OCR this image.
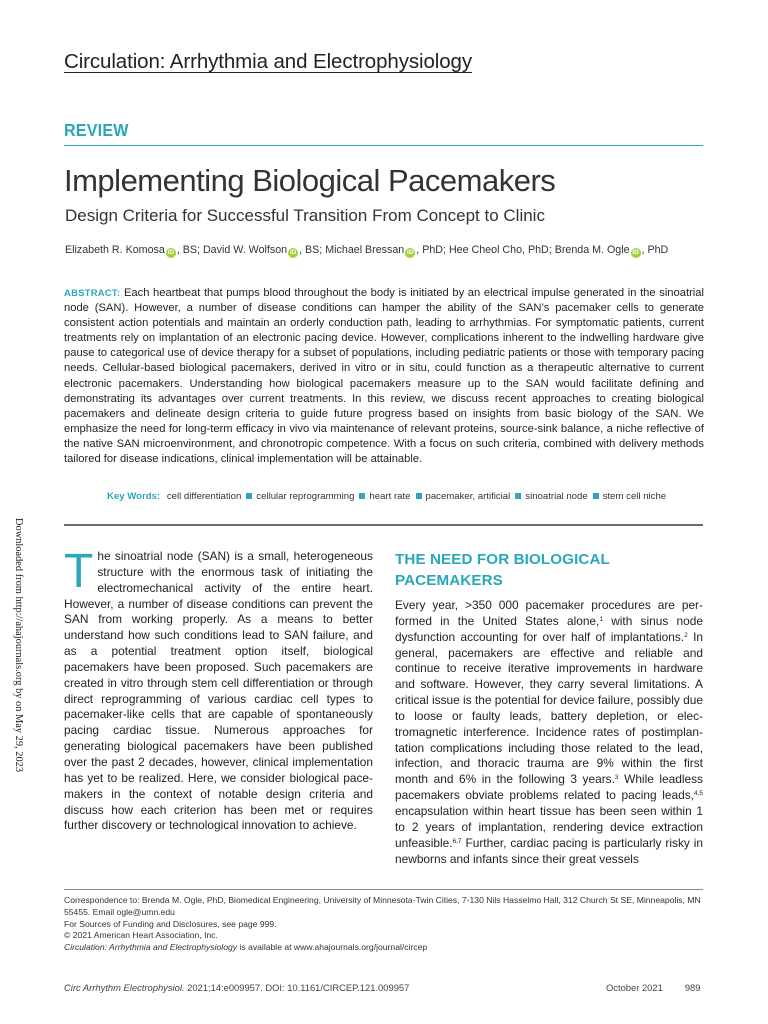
Circulation: Arrhythmia and Electrophysiology
REVIEW
Implementing Biological Pacemakers
Design Criteria for Successful Transition From Concept to Clinic
Elizabeth R. Komosa iD , BS; David W. Wolfson iD , BS; Michael Bressan iD , PhD; Hee Cheol Cho, PhD; Brenda M. Ogle iD , PhD
ABSTRACT: Each heartbeat that pumps blood throughout the body is initiated by an electrical impulse generated in the sinoatrial node (SAN). However, a number of disease conditions can hamper the ability of the SAN’s pacemaker cells to generate consistent action potentials and maintain an orderly conduction path, leading to arrhythmias. For symptomatic patients, current treatments rely on implantation of an electronic pacing device. However, complications inherent to the indwelling hardware give pause to categorical use of device therapy for a subset of populations, including pediatric patients or those with temporary pacing needs. Cellular-based biological pacemakers, derived in vitro or in situ, could function as a therapeutic alternative to current electronic pacemakers. Understanding how biological pacemakers measure up to the SAN would facilitate defining and demonstrating its advantages over current treatments. In this review, we discuss recent approaches to creating biological pacemakers and delineate design criteria to guide future progress based on insights from basic biology of the SAN. We emphasize the need for long-term efficacy in vivo via maintenance of relevant proteins, source-sink balance, a niche reflective of the native SAN microenvironment, and chronotropic competence. With a focus on such criteria, combined with delivery methods tailored for disease indications, clinical implementation will be attainable.
Key Words: cell differentiation cellular reprogramming heart rate pacemaker, artificial sinoatrial node stem cell niche
Downloaded from http://ahajournals.org by on May 29, 2023 The sinoatrial node (SAN) is a small, heterogeneous structure with the enormous task of initiating the electromechanical activity of the entire heart. However, a number of disease conditions can prevent the SAN from working properly. As a means to better understand how such conditions lead to SAN failure, and as a potential treatment option itself, biological pacemakers have been proposed. Such pacemakers are created in vitro through stem cell differentiation or through direct reprogramming of various cardiac cell types to pacemaker-like cells that are capable of spontaneously pacing cardiac tissue. Numerous approaches for generating biological pacemakers have been published over the past 2 decades, however, clinical implementation has yet to be realized. Here, we consider biological pacemakers in the context of notable design criteria and discuss how each criterion has been met or requires further discovery or technological innovation to achieve.
THE NEED FOR BIOLOGICAL PACEMAKERS

Every year, >350 000 pacemaker procedures are performed in the United States alone,$^1$ with sinus node dysfunction accounting for over half of implantations.$^2$ In general, pacemakers are effective and reliable and continue to receive iterative improvements in hardware and software. However, they carry several limitations. A critical issue is the potential for device failure, possibly due to loose or faulty leads, battery depletion, or electromagnetic interference. Incidence rates of postimplantation complications including those related to the lead, infection, and thoracic trauma are 9% within the first month and 6% in the following 3 years.$^3$ While leadless pacemakers obviate problems related to pacing leads,$^{4,5}$ encapsulation within heart tissue has been seen within 1 to 2 years of implantation, rendering device extraction unfeasible.$^{6,7}$ Further, cardiac pacing is particularly risky in newborns and infants since their great vessels

Correspondence to: Brenda M. Ogle, PhD, Biomedical Engineering, University of Minnesota-Twin Cities, 7-130 Nils Hasselmo Hall, 312 Church St SE, Minneapolis, MN 55455. Email ogle@umn.edu

For Sources of Funding and Disclosures, see page 999.

© 2021 American Heart Association, Inc.

Circulation: Arrhythmia and Electrophysiology is available at www.ahajournals.org/journal/circep

Circ Arrhythm Electrophysiol. 2021;14:e009957. DOI: 10.1161/CIRCEP.121.009957	October 2021 989
